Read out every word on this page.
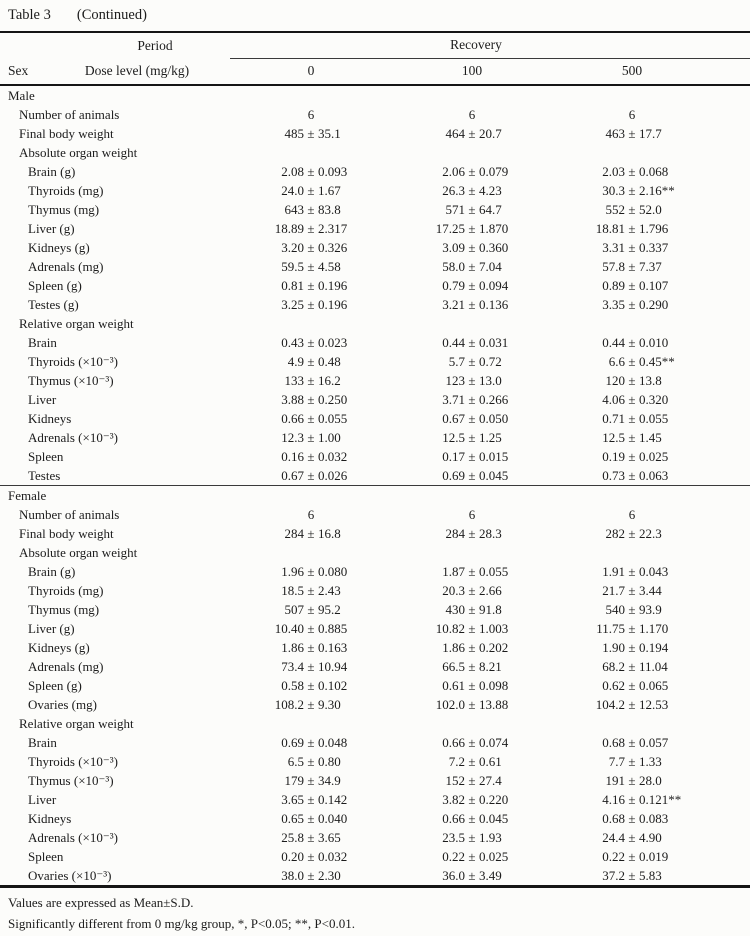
Table 3 (Continued)
Period	Recovery		

Sex Dose level (mg/kg)	0	100	500
Male			
Number of animals	6	6	6
Final body weight	485 ± 35.1	464 ± 20.7	463 ± 17.7
Absolute organ weight			
Brain (g)	2.08 ± 0.093	2.06 ± 0.079	2.03 ± 0.068
Thyroids (mg)	24.0 ± 1.67	26.3 ± 4.23	30.3 ± 2.16**
Thymus (mg)	643 ± 83.8	571 ± 64.7	552 ± 52.0
Liver (g)	18.89 ± 2.317	17.25 ± 1.870	18.81 ± 1.796
Kidneys (g)	3.20 ± 0.326	3.09 ± 0.360	3.31 ± 0.337
Adrenals (mg)	59.5 ± 4.58	58.0 ± 7.04	57.8 ± 7.37
Spleen (g)	0.81 ± 0.196	0.79 ± 0.094	0.89 ± 0.107
Testes (g)	3.25 ± 0.196	3.21 ± 0.136	3.35 ± 0.290
Relative organ weight			
Brain	0.43 ± 0.023	0.44 ± 0.031	0.44 ± 0.010
Thyroids (×10⁻³)	4.9 ± 0.48	5.7 ± 0.72	6.6 ± 0.45**
Thymus (×10⁻³)	133 ± 16.2	123 ± 13.0	120 ± 13.8
Liver	3.88 ± 0.250	3.71 ± 0.266	4.06 ± 0.320
Kidneys	0.66 ± 0.055	0.67 ± 0.050	0.71 ± 0.055
Adrenals (×10⁻³)	12.3 ± 1.00	12.5 ± 1.25	12.5 ± 1.45
Spleen	0.16 ± 0.032	0.17 ± 0.015	0.19 ± 0.025
Testes	0.67 ± 0.026	0.69 ± 0.045	0.73 ± 0.063
Female			
Number of animals	6	6	6
Final body weight	284 ± 16.8	284 ± 28.3	282 ± 22.3
Absolute organ weight			
Brain (g)	1.96 ± 0.080	1.87 ± 0.055	1.91 ± 0.043
Thyroids (mg)	18.5 ± 2.43	20.3 ± 2.66	21.7 ± 3.44
Thymus (mg)	507 ± 95.2	430 ± 91.8	540 ± 93.9
Liver (g)	10.40 ± 0.885	10.82 ± 1.003	11.75 ± 1.170
Kidneys (g)	1.86 ± 0.163	1.86 ± 0.202	1.90 ± 0.194
Adrenals (mg)	73.4 ± 10.94	66.5 ± 8.21	68.2 ± 11.04
Spleen (g)	0.58 ± 0.102	0.61 ± 0.098	0.62 ± 0.065
Ovaries (mg)	108.2 ± 9.30	102.0 ± 13.88	104.2 ± 12.53
Relative organ weight			
Brain	0.69 ± 0.048	0.66 ± 0.074	0.68 ± 0.057
Thyroids (×10⁻³)	6.5 ± 0.80	7.2 ± 0.61	7.7 ± 1.33
Thymus (×10⁻³)	179 ± 34.9	152 ± 27.4	191 ± 28.0
Liver	3.65 ± 0.142	3.82 ± 0.220	4.16 ± 0.121**
Kidneys	0.65 ± 0.040	0.66 ± 0.045	0.68 ± 0.083
Adrenals (×10⁻³)	25.8 ± 3.65	23.5 ± 1.93	24.4 ± 4.90
Spleen	0.20 ± 0.032	0.22 ± 0.025	0.22 ± 0.019
Ovaries (×10⁻³)	38.0 ± 2.30	36.0 ± 3.49	37.2 ± 5.83
Values are expressed as Mean±S.D.
Significantly different from 0 mg/kg group, *, P<0.05; **, P<0.01.
